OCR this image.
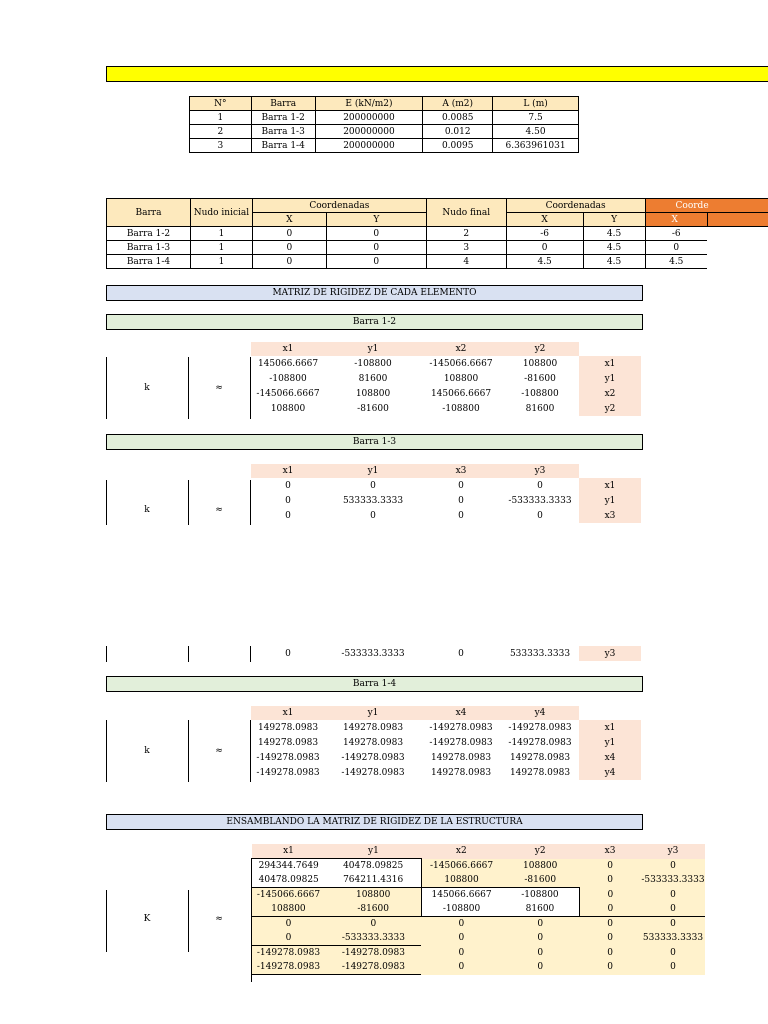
N°	Barra	E (kN/m2)	A (m2)	L (m)
1	Barra 1-2	200000000	0.0085	7.5
2	Barra 1-3	200000000	0.012	4.50
3	Barra 1-4	200000000	0.0095	6.363961031
Barra	Nudo inicial	Coordenadas		Nudo final	Coordenadas		Coorde	
		X	Y		X	Y	X	
Barra 1-2	1	0	0	2	-6	4.5	-6	
Barra 1-3	1	0	0	3	0	4.5	0	
Barra 1-4	1	0	0	4	4.5	4.5	4.5	
MATRIZ DE RIGIDEZ DE CADA ELEMENTO
Barra 1-2
k	≈
x1	y1	x2	y2	
145066.6667	-108800	-145066.6667	108800	x1
-108800	81600	108800	-81600	y1
-145066.6667	108800	145066.6667	-108800	x2
108800	-81600	-108800	81600	y2
Barra 1-3
k	≈
x1	y1	x3	y3	
0	0	0	0	x1
0	533333.3333	0	-533333.3333	y1
0	0	0	0	x3
0	-533333.3333	0	533333.3333	y3
Barra 1-4
k	≈
x1	y1	x4	y4	
149278.0983	149278.0983	-149278.0983	-149278.0983	x1
149278.0983	149278.0983	-149278.0983	-149278.0983	y1
-149278.0983	-149278.0983	149278.0983	149278.0983	x4
-149278.0983	-149278.0983	149278.0983	149278.0983	y4
ENSAMBLANDO LA MATRIZ DE RIGIDEZ DE LA ESTRUCTURA
K	≈
x1	y1	x2	y2	x3	y3
294344.7649	40478.09825	-145066.6667	108800	0	0
40478.09825	764211.4316	108800	-81600	0	-533333.3333
-145066.6667	108800	145066.6667	-108800	0	0
108800	-81600	-108800	81600	0	0
0	0	0	0	0	0
0	-533333.3333	0	0	0	533333.3333
-149278.0983	-149278.0983	0	0	0	0
-149278.0983	-149278.0983	0	0	0	0
